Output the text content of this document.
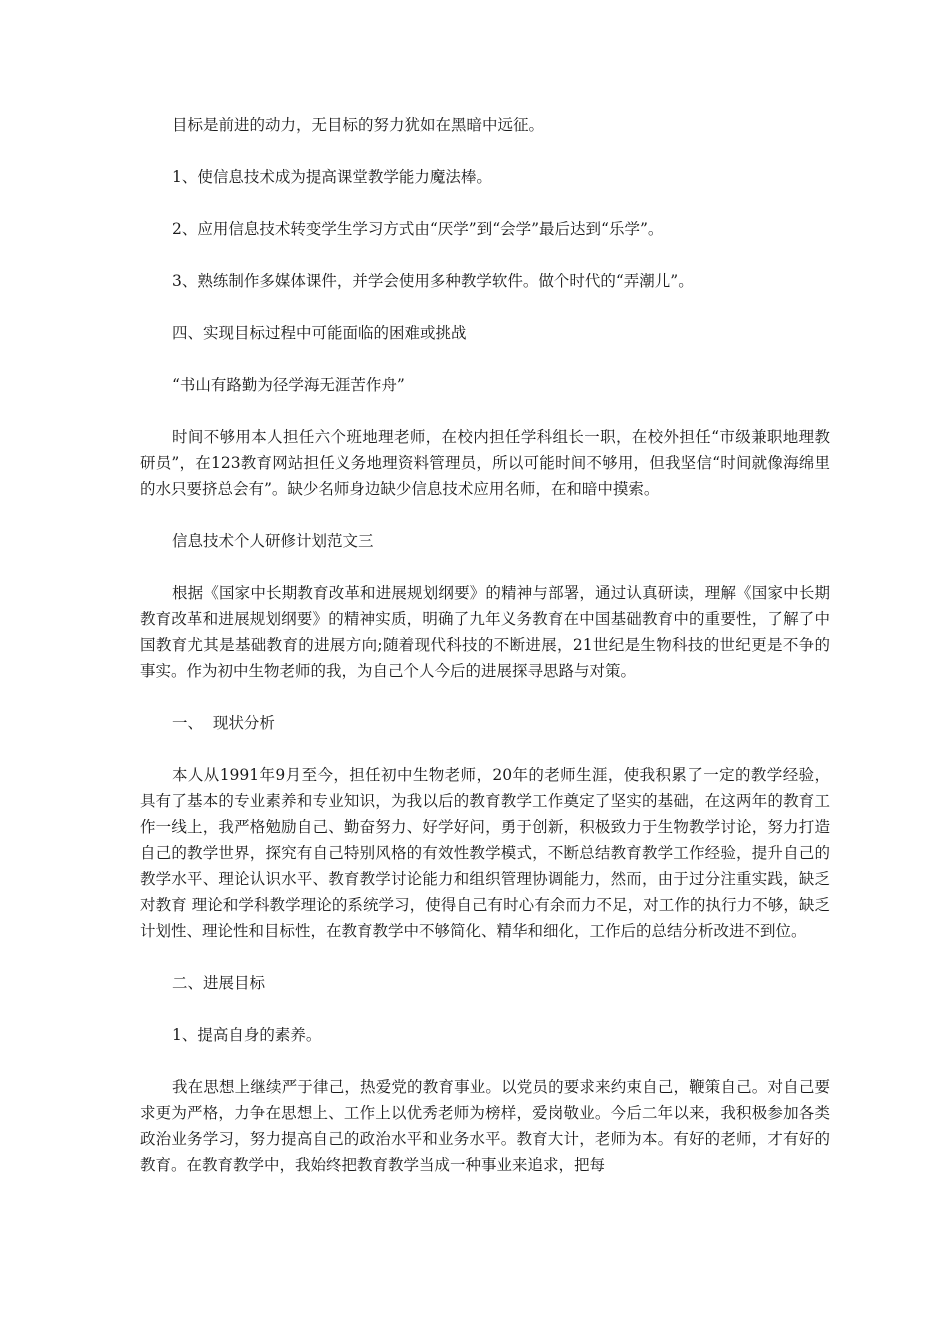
目标是前进的动力，无目标的努力犹如在黑暗中远征。

1、使信息技术成为提高课堂教学能力魔法棒。

2、应用信息技术转变学生学习方式由“厌学”到“会学”最后达到“乐学”。

3、熟练制作多媒体课件，并学会使用多种教学软件。做个时代的“弄潮儿”。

四、实现目标过程中可能面临的困难或挑战

“书山有路勤为径学海无涯苦作舟”

时间不够用本人担任六个班地理老师，在校内担任学科组长一职，在校外担任“市级兼职地理教研员”，在123教育网站担任义务地理资料管理员，所以可能时间不够用，但我坚信“时间就像海绵里的水只要挤总会有”。缺少名师身边缺少信息技术应用名师，在和暗中摸索。

信息技术个人研修计划范文三

根据《国家中长期教育改革和进展规划纲要》的精神与部署，通过认真研读，理解《国家中长期教育改革和进展规划纲要》的精神实质，明确了九年义务教育在中国基础教育中的重要性，了解了中国教育尤其是基础教育的进展方向;随着现代科技的不断进展，21世纪是生物科技的世纪更是不争的事实。作为初中生物老师的我，为自己个人今后的进展探寻思路与对策。

一、  现状分析

本人从1991年9月至今，担任初中生物老师，20年的老师生涯，使我积累了一定的教学经验，具有了基本的专业素养和专业知识，为我以后的教育教学工作奠定了坚实的基础，在这两年的教育工作一线上，我严格勉励自己、勤奋努力、好学好问，勇于创新，积极致力于生物教学讨论，努力打造自己的教学世界，探究有自己特别风格的有效性教学模式，不断总结教育教学工作经验，提升自己的教学水平、理论认识水平、教育教学讨论能力和组织管理协调能力，然而，由于过分注重实践，缺乏对教育 理论和学科教学理论的系统学习，使得自己有时心有余而力不足，对工作的执行力不够，缺乏计划性、理论性和目标性，在教育教学中不够简化、精华和细化，工作后的总结分析改进不到位。

二、进展目标

1、提高自身的素养。

我在思想上继续严于律己，热爱党的教育事业。以党员的要求来约束自己，鞭策自己。对自己要求更为严格，力争在思想上、工作上以优秀老师为榜样，爱岗敬业。今后二年以来，我积极参加各类政治业务学习，努力提高自己的政治水平和业务水平。教育大计，老师为本。有好的老师，才有好的教育。在教育教学中，我始终把教育教学当成一种事业来追求，把每
